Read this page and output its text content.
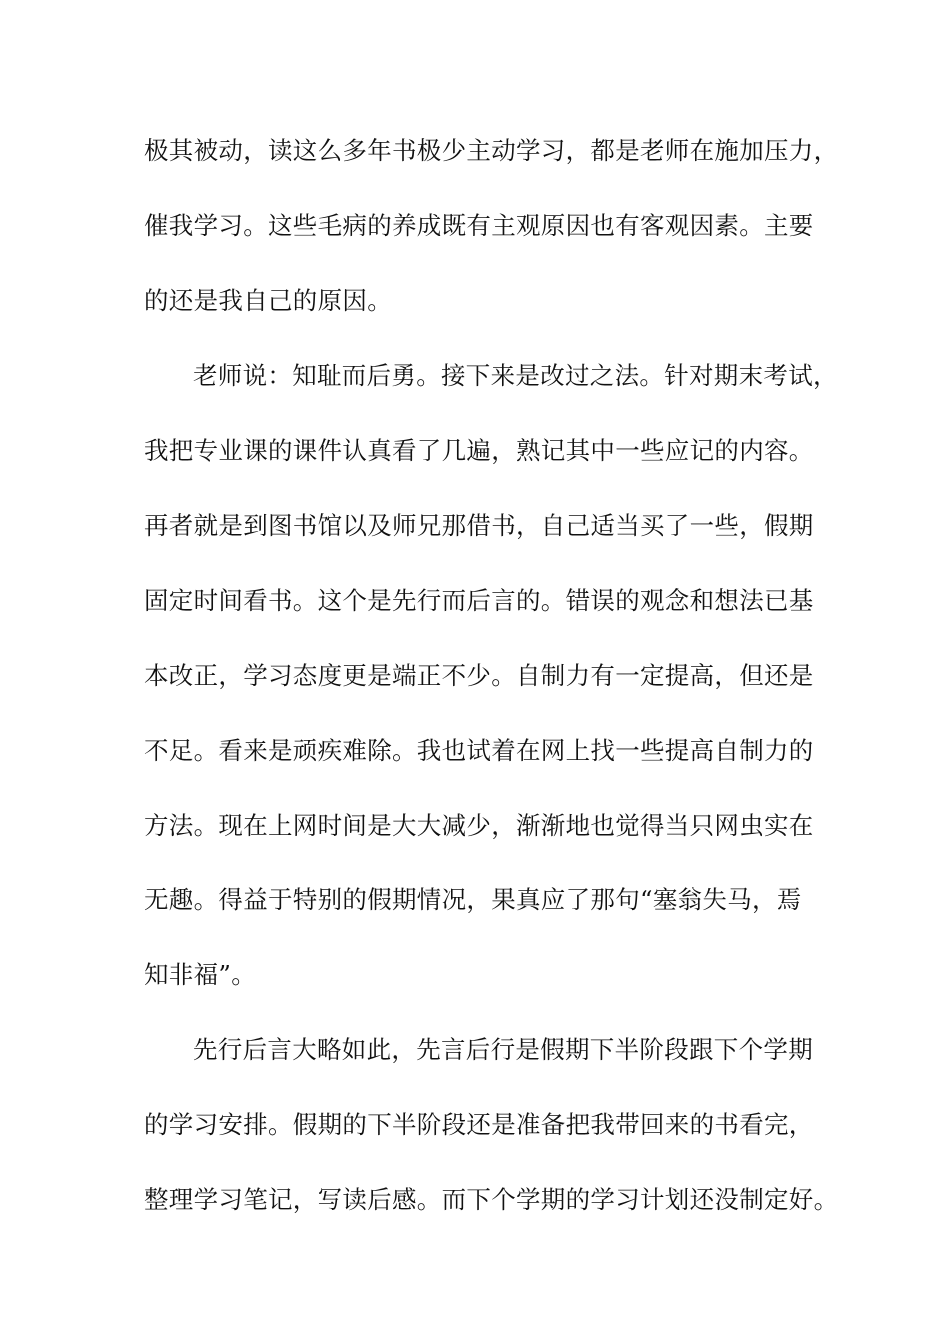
极其被动，读这么多年书极少主动学习，都是老师在施加压力，
催我学习。这些毛病的养成既有主观原因也有客观因素。主要
的还是我自己的原因。
老师说：知耻而后勇。接下来是改过之法。针对期末考试，
我把专业课的课件认真看了几遍，熟记其中一些应记的内容。
再者就是到图书馆以及师兄那借书，自己适当买了一些，假期
固定时间看书。这个是先行而后言的。错误的观念和想法已基
本改正，学习态度更是端正不少。自制力有一定提高，但还是
不足。看来是顽疾难除。我也试着在网上找一些提高自制力的
方法。现在上网时间是大大减少，渐渐地也觉得当只网虫实在
无趣。得益于特别的假期情况，果真应了那句“塞翁失马，焉
知非福”。
先行后言大略如此，先言后行是假期下半阶段跟下个学期
的学习安排。假期的下半阶段还是准备把我带回来的书看完，
整理学习笔记，写读后感。而下个学期的学习计划还没制定好。
